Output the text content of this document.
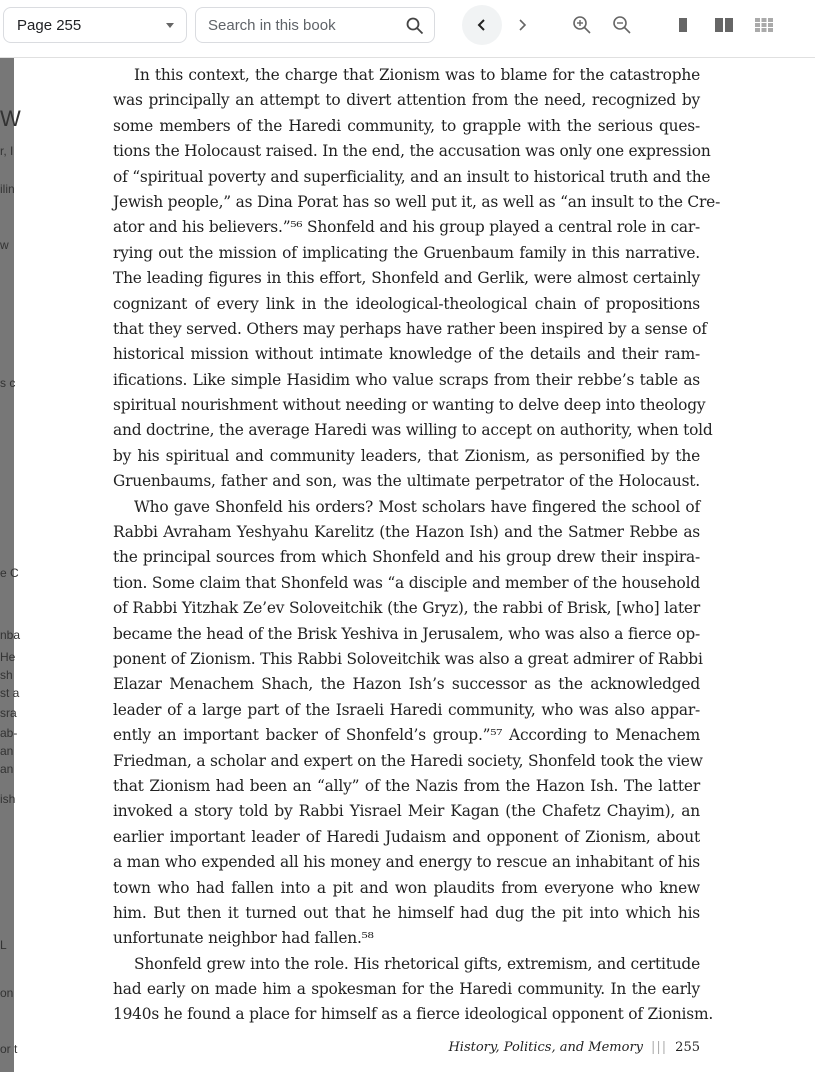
Page 255	Search in this book
W
r, I
ilin
w
s c
e C
nba
He
sh
st a
sra
ab-
an
an
ish
L
on
or t
In this context, the charge that Zionism was to blame for the catastrophe
was principally an attempt to divert attention from the need, recognized by
some members of the Haredi community, to grapple with the serious ques-
tions the Holocaust raised. In the end, the accusation was only one expression
of “spiritual poverty and superficiality, and an insult to historical truth and the
Jewish people,” as Dina Porat has so well put it, as well as “an insult to the Cre-
ator and his believers.”⁵⁶ Shonfeld and his group played a central role in car-
rying out the mission of implicating the Gruenbaum family in this narrative.
The leading figures in this effort, Shonfeld and Gerlik, were almost certainly
cognizant of every link in the ideological-theological chain of propositions
that they served. Others may perhaps have rather been inspired by a sense of
historical mission without intimate knowledge of the details and their ram-
ifications. Like simple Hasidim who value scraps from their rebbe’s table as
spiritual nourishment without needing or wanting to delve deep into theology
and doctrine, the average Haredi was willing to accept on authority, when told
by his spiritual and community leaders, that Zionism, as personified by the
Gruenbaums, father and son, was the ultimate perpetrator of the Holocaust.
Who gave Shonfeld his orders? Most scholars have fingered the school of
Rabbi Avraham Yeshyahu Karelitz (the Hazon Ish) and the Satmer Rebbe as
the principal sources from which Shonfeld and his group drew their inspira-
tion. Some claim that Shonfeld was “a disciple and member of the household
of Rabbi Yitzhak Ze’ev Soloveitchik (the Gryz), the rabbi of Brisk, [who] later
became the head of the Brisk Yeshiva in Jerusalem, who was also a fierce op-
ponent of Zionism. This Rabbi Soloveitchik was also a great admirer of Rabbi
Elazar Menachem Shach, the Hazon Ish’s successor as the acknowledged
leader of a large part of the Israeli Haredi community, who was also appar-
ently an important backer of Shonfeld’s group.”⁵⁷ According to Menachem
Friedman, a scholar and expert on the Haredi society, Shonfeld took the view
that Zionism had been an “ally” of the Nazis from the Hazon Ish. The latter
invoked a story told by Rabbi Yisrael Meir Kagan (the Chafetz Chayim), an
earlier important leader of Haredi Judaism and opponent of Zionism, about
a man who expended all his money and energy to rescue an inhabitant of his
town who had fallen into a pit and won plaudits from everyone who knew
him. But then it turned out that he himself had dug the pit into which his
unfortunate neighbor had fallen.⁵⁸
Shonfeld grew into the role. His rhetorical gifts, extremism, and certitude
had early on made him a spokesman for the Haredi community. In the early
1940s he found a place for himself as a fierce ideological opponent of Zionism.
History, Politics, and Memory ||| 255
